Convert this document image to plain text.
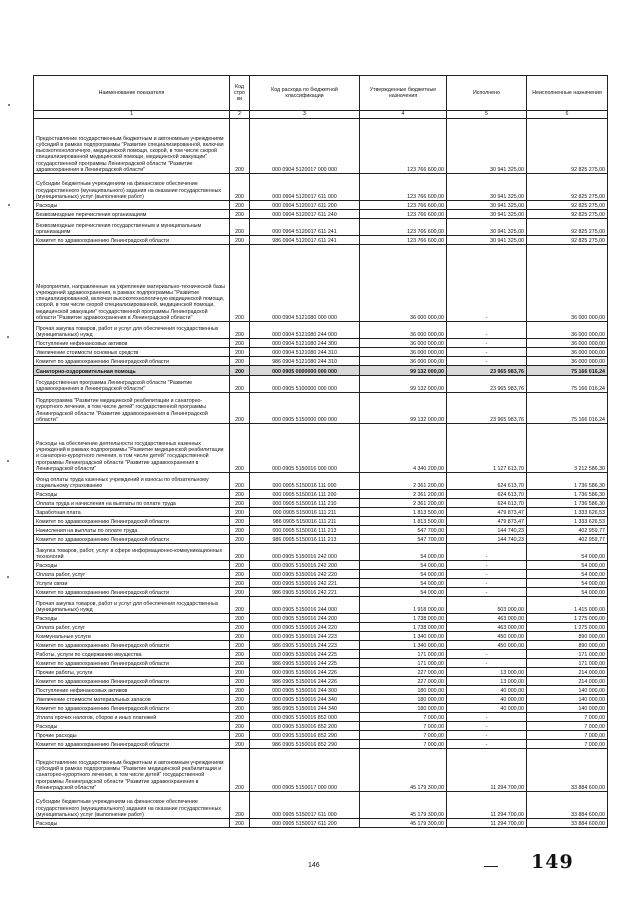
Наименование показателя	Код стро ки	Код расхода по бюджетной классификации	Утвержденные бюджетные назначения	Исполнено	Неисполненные назначения
1	2	3	4	5	6
Предоставление государственным бюджетным и автономным учреждениям субсидий в рамках подпрограммы "Развитие специализированной, включая высокотехнологичную, медицинской помощи, скорой, в том числе скорой специализированной медицинской помощи, медицинской эвакуации" государственной программы Ленинградской области "Развитие здравоохранения в Ленинградской области"	200	000 0904 5120017 000 000	123 766 600,00	30 941 325,00	92 825 275,00
Субсидии бюджетным учреждениям на финансовое обеспечение государственного (муниципального) задания на оказание государственных (муниципальных) услуг (выполнение работ)	200	000 0904 5120017 611 000	123 766 600,00	30 941 325,00	92 825 275,00
Расходы	200	000 0904 5120017 611 200	123 766 600,00	30 941 325,00	92 825 275,00
Безвозмездные перечисления организациям	200	000 0904 5120017 611 240	123 766 600,00	30 941 325,00	92 825 275,00
Безвозмездные перечисления государственным и муниципальным организациям	200	000 0904 5120017 611 241	123 766 600,00	30 941 325,00	92 825 275,00
Комитет по здравоохранению Ленинградской области	200	986 0904 5120017 611 241	123 766 600,00	30 941 325,00	92 825 275,00
Мероприятия, направленные на укрепление материально-технической базы учреждений здравоохранения, в рамках подпрограммы "Развитие специализированной, включая высокотехнологичную медицинской помощи, скорой, в том числе скорой специализированной, медицинской помощи, медицинской эвакуации" государственной программы Ленинградской области "Развитие здравоохранения в Ленинградской области"	200	000 0904 5121080 000 000	36 000 000,00	-	36 000 000,00
Прочая закупка товаров, работ и услуг для обеспечения государственных (муниципальных) нужд	200	000 0904 5121080 244 000	36 000 000,00	-	36 000 000,00
Поступление нефинансовых активов	200	000 0904 5121080 244 300	36 000 000,00	-	36 000 000,00
Увеличение стоимости основных средств	200	000 0904 5121080 244 310	36 000 000,00	-	36 000 000,00
Комитет по здравоохранению Ленинградской области	200	986 0904 5121080 244 310	36 000 000,00	-	36 000 000,00
Санаторно-оздоровительная помощь	200	000 0905 0000000 000 000	99 132 000,00	23 965 983,76	75 166 016,24
Государственная программа Ленинградской области "Развитие здравоохранения в Ленинградской области"	200	000 0905 5100000 000 000	99 132 000,00	23 965 983,76	75 166 016,24
Подпрограмма "Развитие медицинской реабилитации и санаторно-курортного лечения, в том числе детей" государственной программы Ленинградской области "Развитие здравоохранения в Ленинградской области"	200	000 0905 5150000 000 000	99 132 000,00	23 965 983,76	75 166 016,24
Расходы на обеспечение деятельности государственных казенных учреждений в рамках подпрограммы "Развитие медицинской реабилитации и санаторно-курортного лечения, в том числе детей" государственной программы Ленинградской области "Развитие здравоохранения в Ленинградской области"	200	000 0905 5150016 000 000	4 340 200,00	1 127 613,70	3 212 586,30
Фонд оплаты труда казенных учреждений и взносы по обязательному социальному страхованию	200	000 0905 5150016 111 000	2 361 200,00	624 613,70	1 736 586,30
Расходы	200	000 0905 5150016 111 200	2 361 200,00	624 613,70	1 736 586,30
Оплата труда и начисления на выплаты по оплате труда	200	000 0905 5150016 111 210	2 361 200,00	624 613,70	1 736 586,30
Заработная плата	200	000 0905 5150016 111 211	1 813 500,00	479 873,47	1 333 626,53
Комитет по здравоохранению Ленинградской области	200	986 0905 5150016 111 211	1 813 500,00	479 873,47	1 333 626,53
Начисления на выплаты по оплате труда	200	000 0905 5150016 111 213	547 700,00	144 740,23	402 959,77
Комитет по здравоохранению Ленинградской области	200	986 0905 5150016 111 213	547 700,00	144 740,23	402 959,77
Закупка товаров, работ, услуг в сфере информационно-коммуникационных технологий	200	000 0905 5150016 242 000	54 000,00	-	54 000,00
Расходы	200	000 0905 5150016 242 200	54 000,00	-	54 000,00
Оплата работ, услуг	200	000 0905 5150016 242 220	54 000,00	-	54 000,00
Услуги связи	200	000 0905 5150016 242 221	54 000,00	-	54 000,00
Комитет по здравоохранению Ленинградской области	200	986 0905 5150016 242 221	54 000,00	-	54 000,00
Прочая закупка товаров, работ и услуг для обеспечения государственных (муниципальных) нужд	200	000 0905 5150016 244 000	1 918 000,00	503 000,00	1 415 000,00
Расходы	200	000 0905 5150016 244 200	1 738 000,00	463 000,00	1 275 000,00
Оплата работ, услуг	200	000 0905 5150016 244 220	1 738 000,00	463 000,00	1 275 000,00
Коммунальные услуги	200	000 0905 5150016 244 223	1 340 000,00	450 000,00	890 000,00
Комитет по здравоохранению Ленинградской области	200	986 0905 5150016 244 223	1 340 000,00	450 000,00	890 000,00
Работы, услуги по содержанию имущества	200	000 0905 5150016 244 225	171 000,00	-	171 000,00
Комитет по здравоохранению Ленинградской области	200	986 0905 5150016 244 225	171 000,00	-	171 000,00
Прочие работы, услуги	200	000 0905 5150016 244 226	227 000,00	13 000,00	214 000,00
Комитет по здравоохранению Ленинградской области	200	986 0905 5150016 244 226	227 000,00	13 000,00	214 000,00
Поступление нефинансовых активов	200	000 0905 5150016 244 300	180 000,00	40 000,00	140 000,00
Увеличение стоимости материальных запасов	200	000 0905 5150016 244 340	180 000,00	40 000,00	140 000,00
Комитет по здравоохранению Ленинградской области	200	986 0905 5150016 244 340	180 000,00	40 000,00	140 000,00
Уплата прочих налогов, сборов и иных платежей	200	000 0905 5150016 852 000	7 000,00	-	7 000,00
Расходы	200	000 0905 5150016 852 200	7 000,00	-	7 000,00
Прочие расходы	200	000 0905 5150016 852 290	7 000,00	-	7 000,00
Комитет по здравоохранению Ленинградской области	200	986 0905 5150016 852 290	7 000,00	-	7 000,00
Предоставление государственным бюджетным и автономным учреждениям субсидий в рамках подпрограммы "Развитие медицинской реабилитации и санаторно-курортного лечения, в том числе детей" государственной программы Ленинградской области "Развитие здравоохранения в Ленинградской области"	200	000 0905 5150017 000 000	45 179 300,00	11 294 700,00	33 884 600,00
Субсидии бюджетным учреждениям на финансовое обеспечение государственного (муниципального) задания на оказание государственных (муниципальных) услуг (выполнение работ)	200	000 0905 5150017 611 000	45 179 300,00	11 294 700,00	33 884 600,00
Расходы	200	000 0905 5150017 611 200	45 179 300,00	11 294 700,00	33 884 600,00
146	149
